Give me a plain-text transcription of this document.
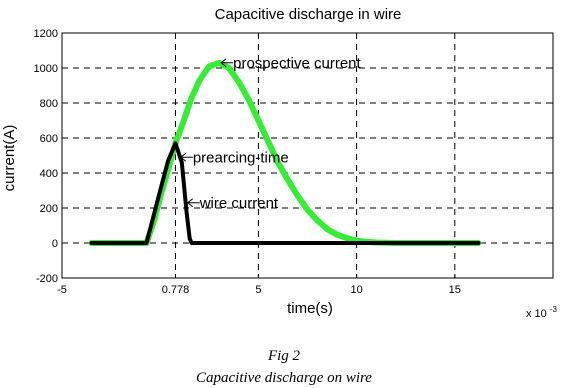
1200
1000
800
600
400
200
0
-200
-5	0.778	5	10	15
prospective current
prearcing-time
wire current
Capacitive discharge in wire
time(s)
current(A)
x 10 $^{-3}$
Fig 2
Capacitive discharge on wire
